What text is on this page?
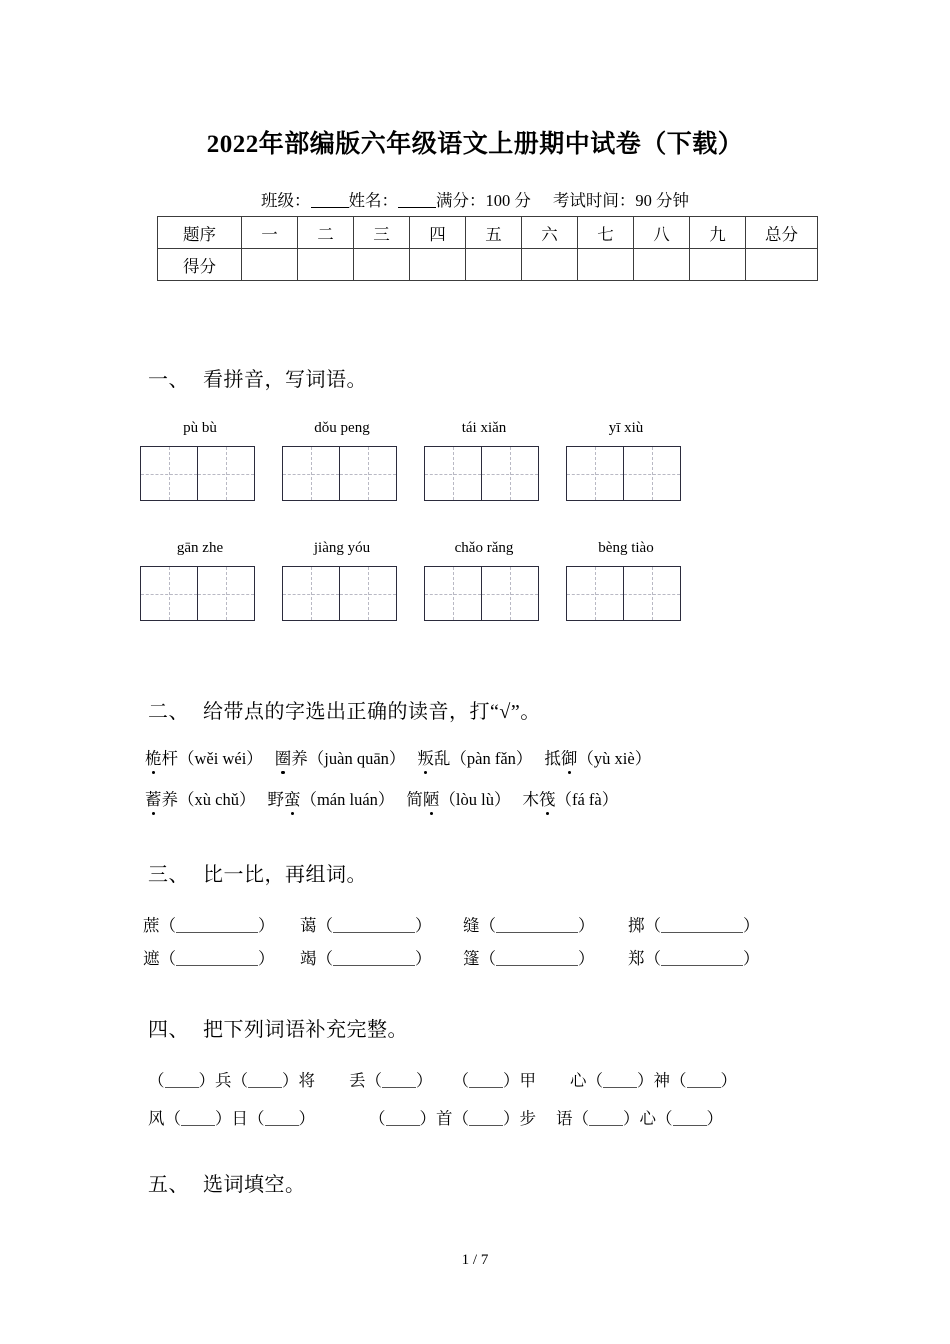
2022年部编版六年级语文上册期中试卷（下载）
班级： 姓名： 满分：100 分 考试时间：90 分钟
题序	一	二	三	四	五	六	七	八	九	总分
得分										
一、 看拼音，写词语。
pù bù	dǒu peng	tái xiǎn	yī xiù
gān zhe	jiàng yóu	chǎo rǎng	bèng tiào
二、 给带点的字选出正确的读音，打“√”。
桅杆（wěi wéi） 圈养（juàn quān） 叛乱（pàn fǎn） 抵御（yù xiè）
蓄养（xù chǔ） 野蛮（mán luán） 简陋（lòu lù） 木筏（fá fà）
三、 比一比，再组词。
蔗（	） 蔼（	） 缝（	） 掷（	）
遮（	） 竭（	） 篷（	） 郑（	）
四、 把下列词语补充完整。
（ ）兵（ ）将 丢（ ） （ ）甲 心（ ）神（ ）
风（ ）日（ ）	（ ）首（ ）步 语（ ）心（ ）
五、 选词填空。
1 / 7
